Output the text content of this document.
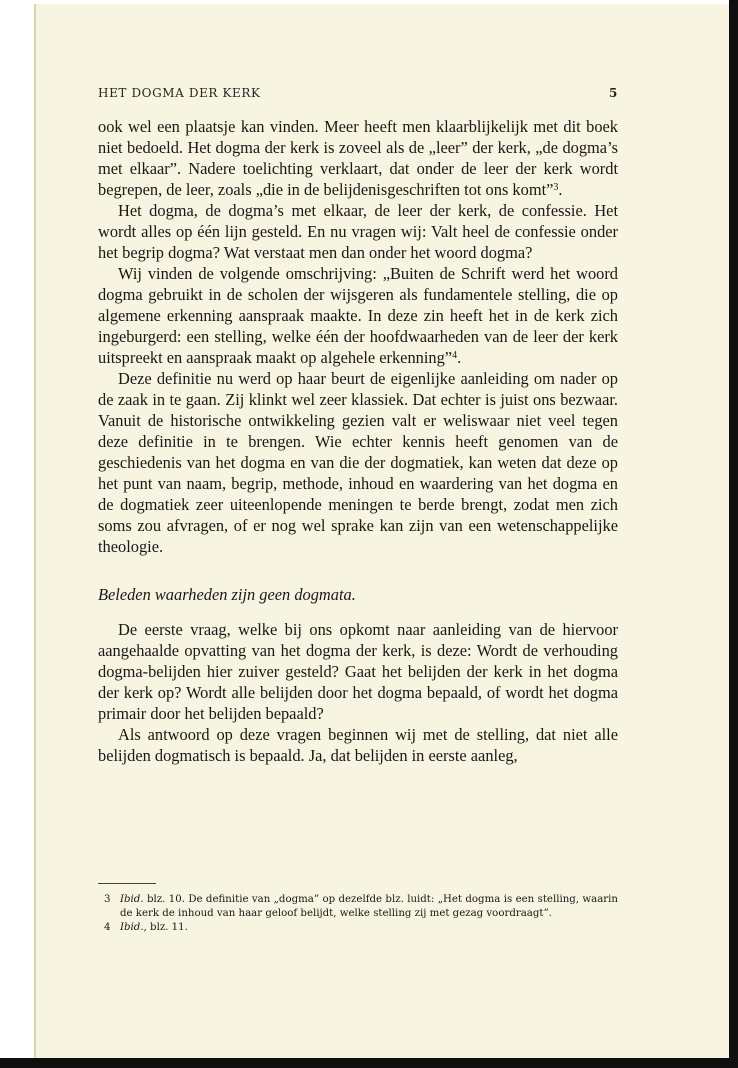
HET DOGMA DER KERK	5

ook wel een plaatsje kan vinden. Meer heeft men klaarblijkelijk met dit boek niet bedoeld. Het dogma der kerk is zoveel als de „leer” der kerk, „de dogma’s met elkaar”. Nadere toelichting verklaart, dat onder de leer der kerk wordt begrepen, de leer, zoals „die in de belijdenisgeschriften tot ons komt”$^3$.

Het dogma, de dogma’s met elkaar, de leer der kerk, de confessie. Het wordt alles op één lijn gesteld. En nu vragen wij: Valt heel de confessie onder het begrip dogma? Wat verstaat men dan onder het woord dogma?

Wij vinden de volgende omschrijving: „Buiten de Schrift werd het woord dogma gebruikt in de scholen der wijsgeren als fundamentele stelling, die op algemene erkenning aanspraak maakte. In deze zin heeft het in de kerk zich ingeburgerd: een stelling, welke één der hoofdwaarheden van de leer der kerk uitspreekt en aanspraak maakt op algehele erkenning”$^4$.

Deze definitie nu werd op haar beurt de eigenlijke aanleiding om nader op de zaak in te gaan. Zij klinkt wel zeer klassiek. Dat echter is juist ons bezwaar. Vanuit de historische ontwikkeling gezien valt er weliswaar niet veel tegen deze definitie in te brengen. Wie echter kennis heeft genomen van de geschiedenis van het dogma en van die der dogmatiek, kan weten dat deze op het punt van naam, begrip, methode, inhoud en waardering van het dogma en de dogmatiek zeer uiteenlopende meningen te berde brengt, zodat men zich soms zou afvragen, of er nog wel sprake kan zijn van een wetenschappelijke theologie.

Beleden waarheden zijn geen dogmata.

De eerste vraag, welke bij ons opkomt naar aanleiding van de hiervoor aangehaalde opvatting van het dogma der kerk, is deze: Wordt de verhouding dogma-belijden hier zuiver gesteld? Gaat het belijden der kerk in het dogma der kerk op? Wordt alle belijden door het dogma bepaald, of wordt het dogma primair door het belijden bepaald?

Als antwoord op deze vragen beginnen wij met de stelling, dat niet alle belijden dogmatisch is bepaald. Ja, dat belijden in eerste aanleg,

3 Ibid. blz. 10. De definitie van „dogma” op dezelfde blz. luidt: „Het dogma is een stelling, waarin de kerk de inhoud van haar geloof belijdt, welke stelling zij met gezag voordraagt”.
4 Ibid., blz. 11.
